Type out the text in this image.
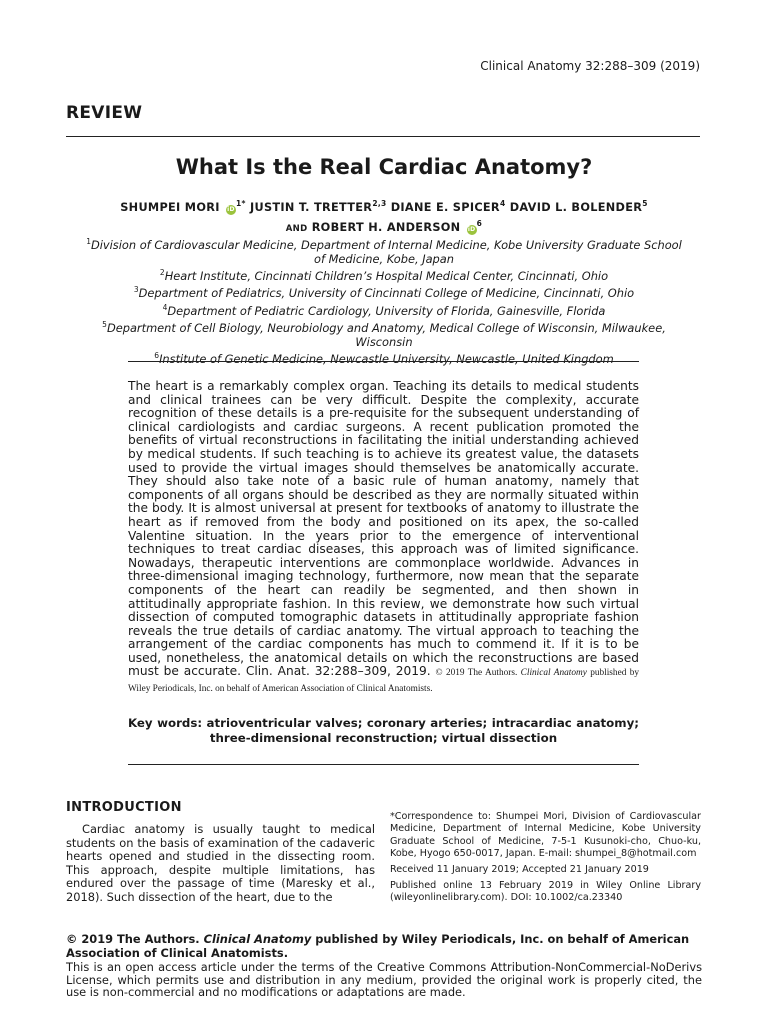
Clinical Anatomy 32:288–309 (2019)
REVIEW
What Is the Real Cardiac Anatomy?
SHUMPEI MORI $iD^{1*}$ JUSTIN T. TRETTER$^{2,3}$ DIANE E. SPICER$^4$ DAVID L. BOLENDER$^5$
AND ROBERT H. ANDERSON $iD^6$
$^1$Division of Cardiovascular Medicine, Department of Internal Medicine, Kobe University Graduate School of Medicine, Kobe, Japan
$^2$Heart Institute, Cincinnati Children’s Hospital Medical Center, Cincinnati, Ohio
$^3$Department of Pediatrics, University of Cincinnati College of Medicine, Cincinnati, Ohio
$^4$Department of Pediatric Cardiology, University of Florida, Gainesville, Florida
$^5$Department of Cell Biology, Neurobiology and Anatomy, Medical College of Wisconsin, Milwaukee, Wisconsin
$^6$Institute of Genetic Medicine, Newcastle University, Newcastle, United Kingdom
The heart is a remarkably complex organ. Teaching its details to medical students and clinical trainees can be very difficult. Despite the complexity, accurate recognition of these details is a pre-requisite for the subsequent understanding of clinical cardiologists and cardiac surgeons. A recent publication promoted the benefits of virtual reconstructions in facilitating the initial understanding achieved by medical students. If such teaching is to achieve its greatest value, the datasets used to provide the virtual images should themselves be anatomically accurate. They should also take note of a basic rule of human anatomy, namely that components of all organs should be described as they are normally situated within the body. It is almost universal at present for textbooks of anatomy to illustrate the heart as if removed from the body and positioned on its apex, the so-called Valentine situation. In the years prior to the emergence of interventional techniques to treat cardiac diseases, this approach was of limited significance. Nowadays, therapeutic interventions are commonplace worldwide. Advances in three-dimensional imaging technology, furthermore, now mean that the separate components of the heart can readily be segmented, and then shown in attitudinally appropriate fashion. In this review, we demonstrate how such virtual dissection of computed tomographic datasets in attitudinally appropriate fashion reveals the true details of cardiac anatomy. The virtual approach to teaching the arrangement of the cardiac components has much to commend it. If it is to be used, nonetheless, the anatomical details on which the reconstructions are based must be accurate. Clin. Anat. 32:288–309, 2019. © 2019 The Authors. Clinical Anatomy published by Wiley Periodicals, Inc. on behalf of American Association of Clinical Anatomists.
Key words: atrioventricular valves; coronary arteries; intracardiac anatomy;
three-dimensional reconstruction; virtual dissection
INTRODUCTION
Cardiac anatomy is usually taught to medical students on the basis of examination of the cadaveric hearts opened and studied in the dissecting room. This approach, despite multiple limitations, has endured over the passage of time (Maresky et al., 2018). Such dissection of the heart, due to the
*Correspondence to: Shumpei Mori, Division of Cardiovascular Medicine, Department of Internal Medicine, Kobe University Graduate School of Medicine, 7-5-1 Kusunoki-cho, Chuo-ku, Kobe, Hyogo 650-0017, Japan. E-mail: shumpei_8@hotmail.com
Received 11 January 2019; Accepted 21 January 2019
Published online 13 February 2019 in Wiley Online Library (wileyonlinelibrary.com). DOI: 10.1002/ca.23340
© 2019 The Authors. Clinical Anatomy published by Wiley Periodicals, Inc. on behalf of American Association of Clinical Anatomists.
This is an open access article under the terms of the Creative Commons Attribution-NonCommercial-NoDerivs License, which permits use and distribution in any medium, provided the original work is properly cited, the use is non-commercial and no modifications or adaptations are made.
